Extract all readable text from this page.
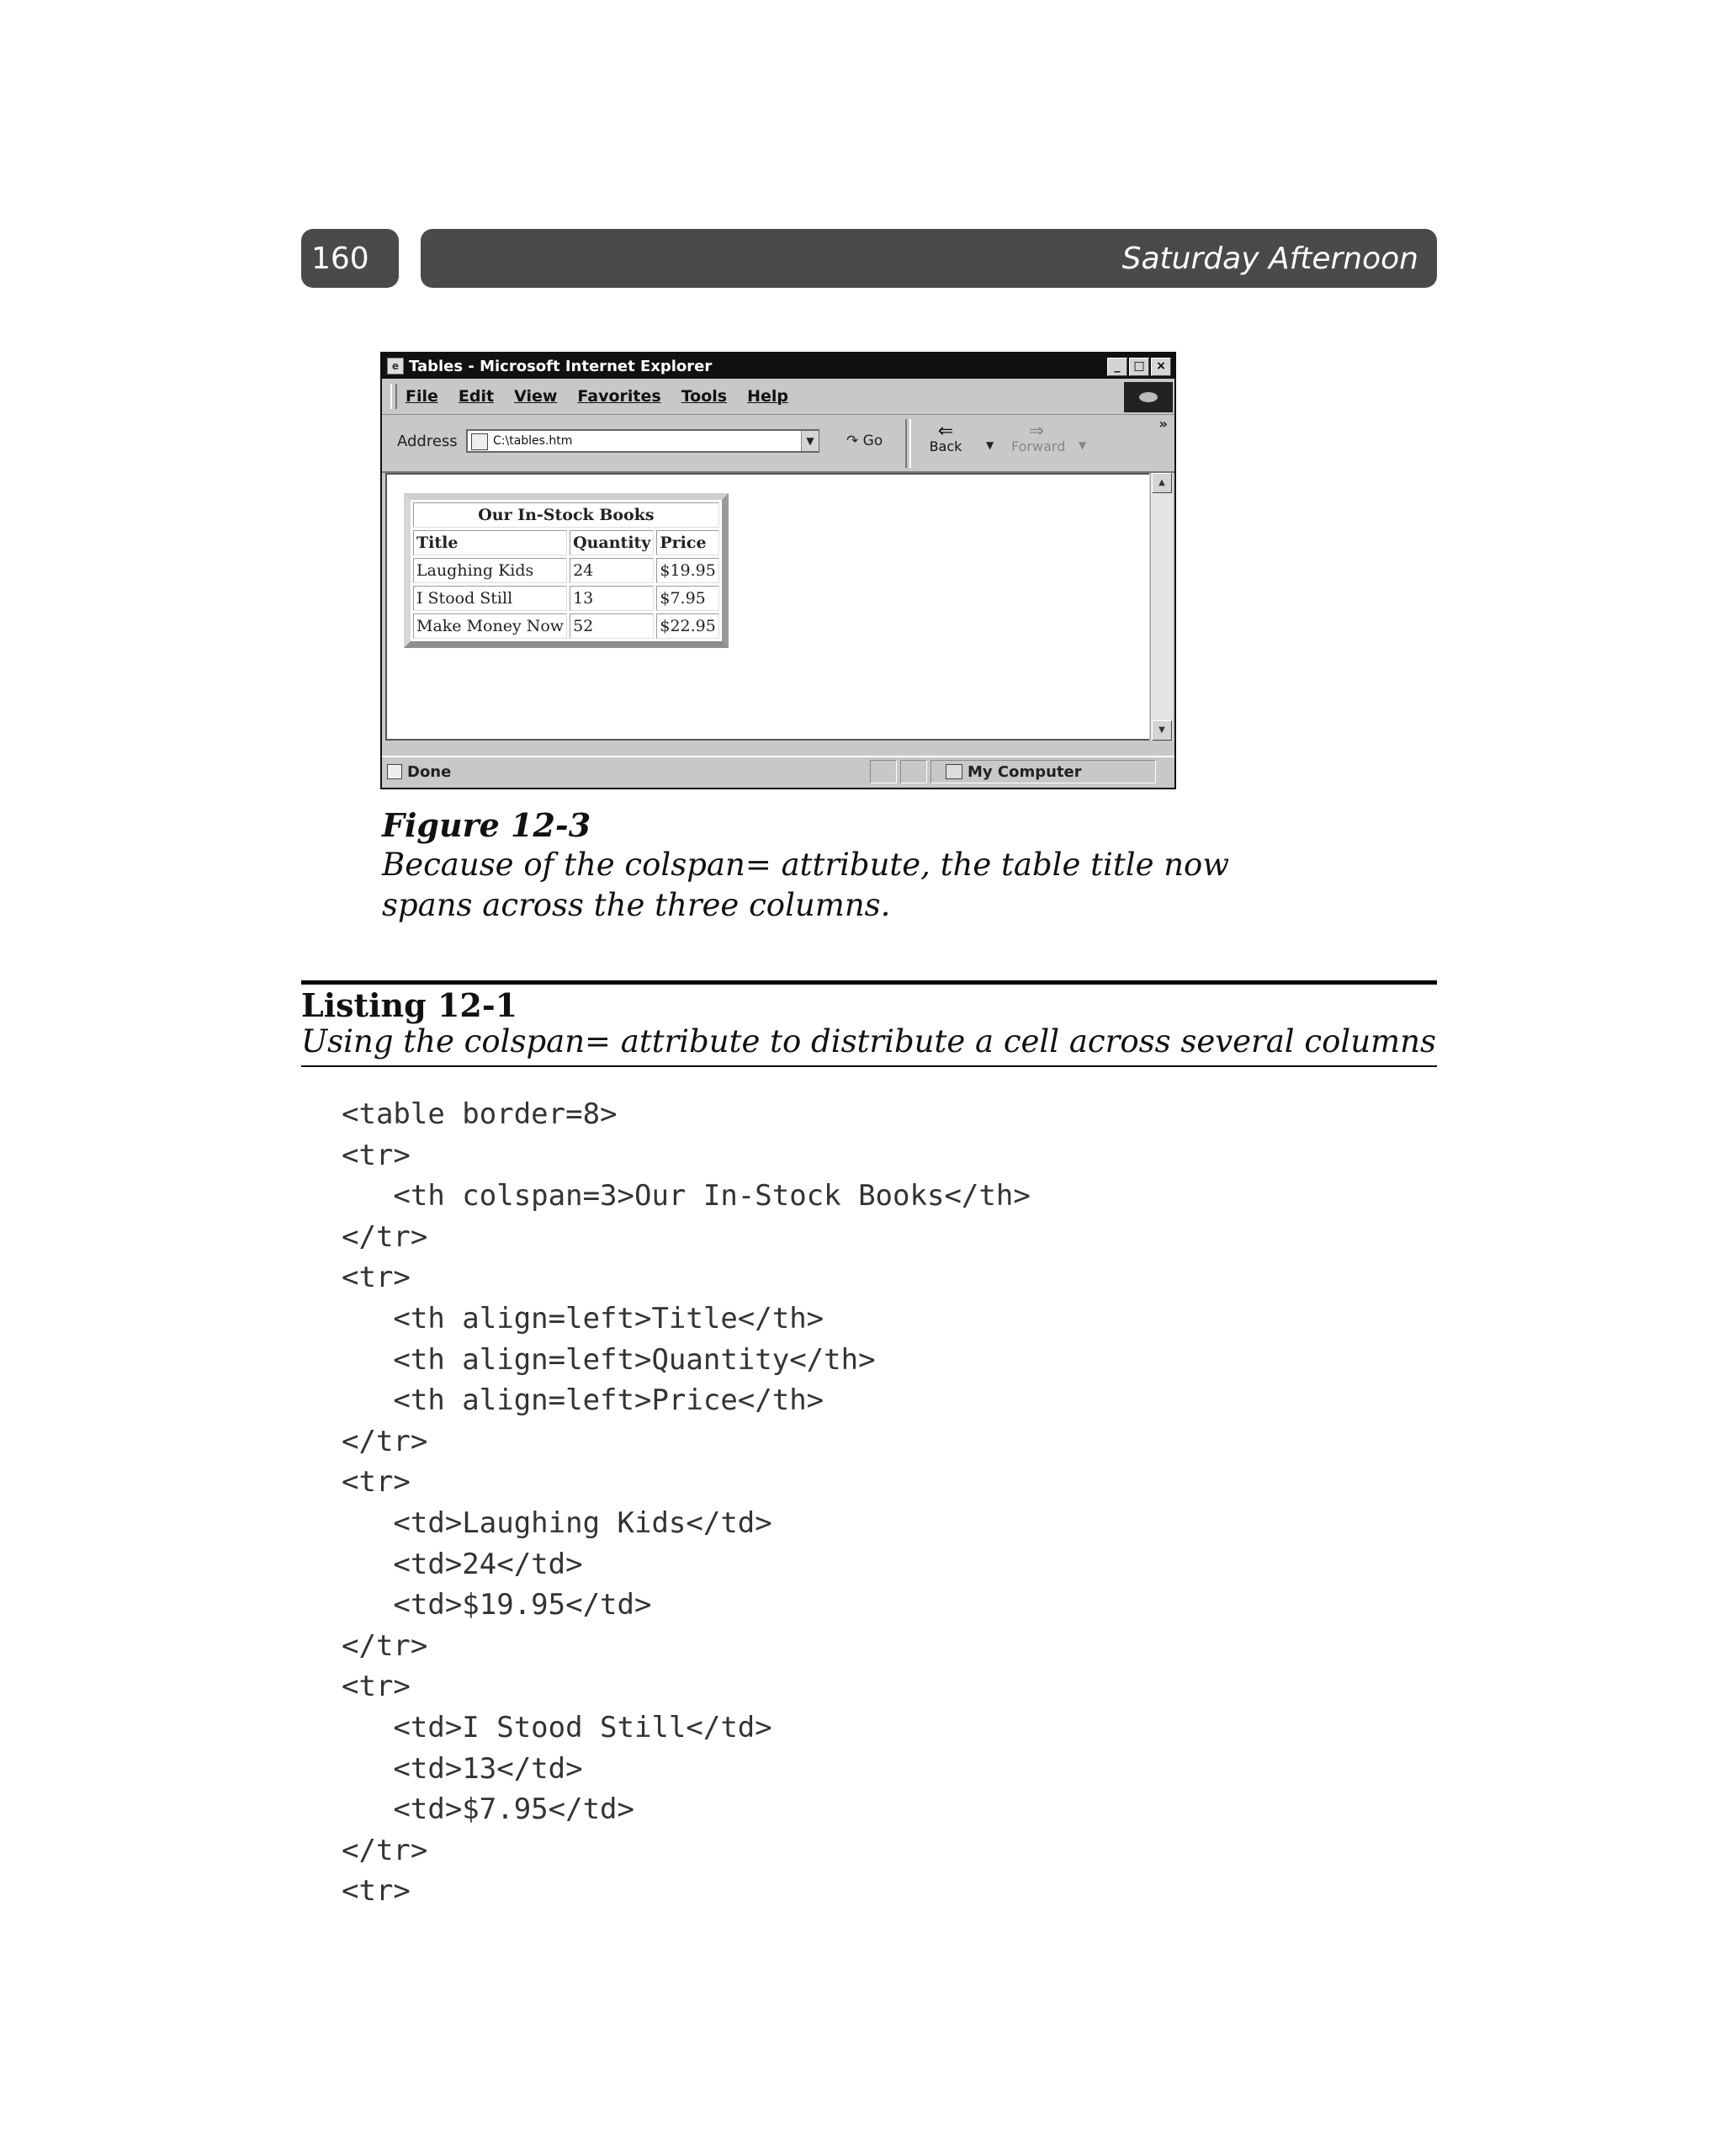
160	Saturday Afternoon
e Tables - Microsoft Internet Explorer	_	□ ×
File Edit View Favorites Tools Help
Address	C:\tables.htm	▼	↷ Go	⇐
Back	▼
⇒
Forward ▼
»
Our In-Stock Books		
Title	Quantity	Price
Laughing Kids	24	$19.95
I Stood Still	13	$7.95
Make Money Now	52	$22.95
▲
▼
Done	My Computer
Figure 12-3
Because of the colspan= attribute, the table title now spans across the three columns.
Listing 12-1
Using the colspan= attribute to distribute a cell across several columns
<table border=8>
<tr>
<th colspan=3>Our In-Stock Books</th>
</tr>
<tr>
<th align=left>Title</th>
<th align=left>Quantity</th>
<th align=left>Price</th>
</tr>
<tr>
<td>Laughing Kids</td>
<td>24</td>
<td>$19.95</td>
</tr>
<tr>
<td>I Stood Still</td>
<td>13</td>
<td>$7.95</td>
</tr>
<tr>
